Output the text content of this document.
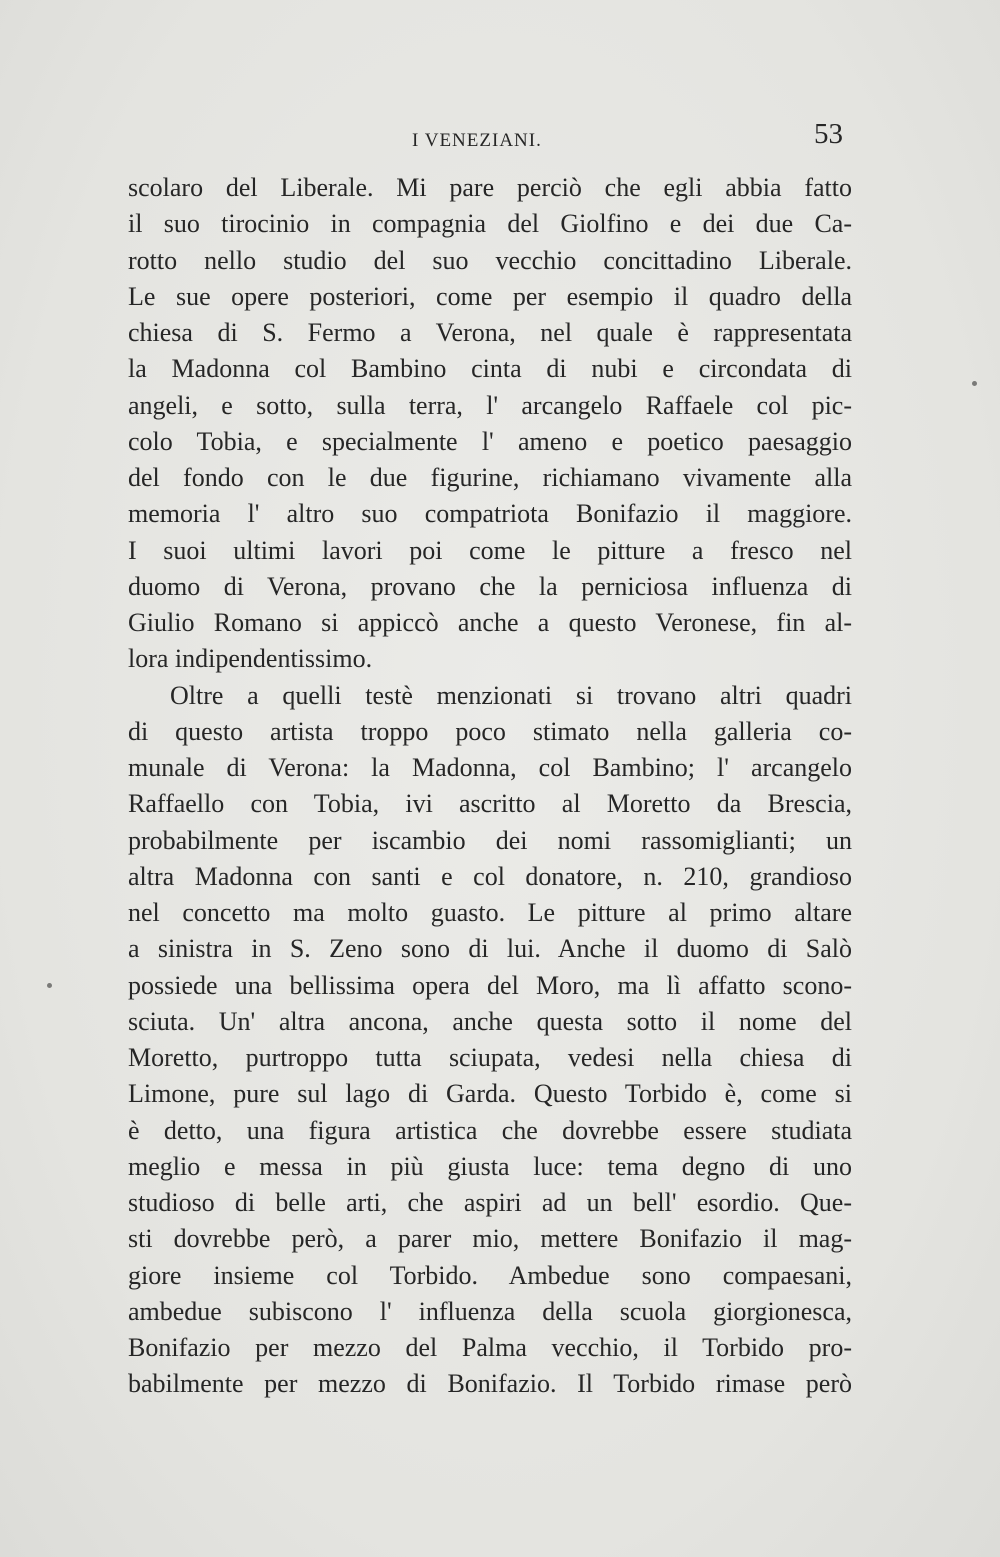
I VENEZIANI.	53
scolaro del Liberale. Mi pare perciò che egli abbia fatto
il suo tirocinio in compagnia del Giolfino e dei due Ca-
rotto nello studio del suo vecchio concittadino Liberale.
Le sue opere posteriori, come per esempio il quadro della
chiesa di S. Fermo a Verona, nel quale è rappresentata
la Madonna col Bambino cinta di nubi e circondata di
angeli, e sotto, sulla terra, l' arcangelo Raffaele col pic-
colo Tobia, e specialmente l' ameno e poetico paesaggio
del fondo con le due figurine, richiamano vivamente alla
memoria l' altro suo compatriota Bonifazio il maggiore.
I suoi ultimi lavori poi come le pitture a fresco nel
duomo di Verona, provano che la perniciosa influenza di
Giulio Romano si appiccò anche a questo Veronese, fin al-
lora indipendentissimo.
Oltre a quelli testè menzionati si trovano altri quadri
di questo artista troppo poco stimato nella galleria co-
munale di Verona: la Madonna, col Bambino; l' arcangelo
Raffaello con Tobia, ivi ascritto al Moretto da Brescia,
probabilmente per iscambio dei nomi rassomiglianti; un
altra Madonna con santi e col donatore, n. 210, grandioso
nel concetto ma molto guasto. Le pitture al primo altare
a sinistra in S. Zeno sono di lui. Anche il duomo di Salò
possiede una bellissima opera del Moro, ma lì affatto scono-
sciuta. Un' altra ancona, anche questa sotto il nome del
Moretto, purtroppo tutta sciupata, vedesi nella chiesa di
Limone, pure sul lago di Garda. Questo Torbido è, come si
è detto, una figura artistica che dovrebbe essere studiata
meglio e messa in più giusta luce: tema degno di uno
studioso di belle arti, che aspiri ad un bell' esordio. Que-
sti dovrebbe però, a parer mio, mettere Bonifazio il mag-
giore insieme col Torbido. Ambedue sono compaesani,
ambedue subiscono l' influenza della scuola giorgionesca,
Bonifazio per mezzo del Palma vecchio, il Torbido pro-
babilmente per mezzo di Bonifazio. Il Torbido rimase però
